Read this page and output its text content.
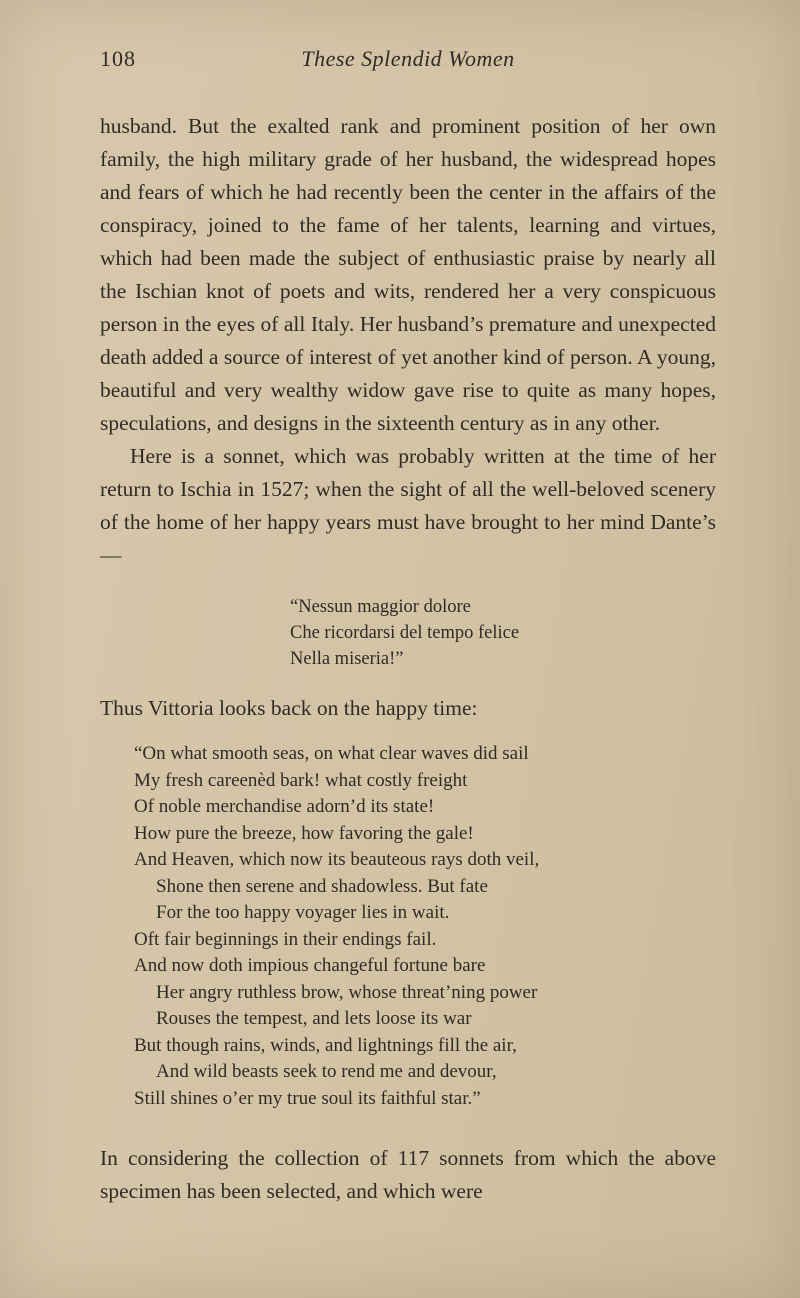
108	These Splendid Women

husband. But the exalted rank and prominent position of her own family, the high military grade of her husband, the widespread hopes and fears of which he had recently been the center in the affairs of the conspiracy, joined to the fame of her talents, learning and virtues, which had been made the subject of enthusiastic praise by nearly all the Ischian knot of poets and wits, rendered her a very conspicuous person in the eyes of all Italy. Her husband’s premature and unexpected death added a source of interest of yet another kind of person. A young, beautiful and very wealthy widow gave rise to quite as many hopes, speculations, and designs in the sixteenth century as in any other.

Here is a sonnet, which was probably written at the time of her return to Ischia in 1527; when the sight of all the well-beloved scenery of the home of her happy years must have brought to her mind Dante’s—

“Nessun maggior dolore
Che ricordarsi del tempo felice
Nella miseria!”

Thus Vittoria looks back on the happy time:

“On what smooth seas, on what clear waves did sail
My fresh careenèd bark! what costly freight
Of noble merchandise adorn’d its state!
How pure the breeze, how favoring the gale!
And Heaven, which now its beauteous rays doth veil,
Shone then serene and shadowless. But fate
For the too happy voyager lies in wait.
Oft fair beginnings in their endings fail.
And now doth impious changeful fortune bare
Her angry ruthless brow, whose threat’ning power
Rouses the tempest, and lets loose its war
But though rains, winds, and lightnings fill the air,
And wild beasts seek to rend me and devour,
Still shines o’er my true soul its faithful star.”

In considering the collection of 117 sonnets from which the above specimen has been selected, and which were
